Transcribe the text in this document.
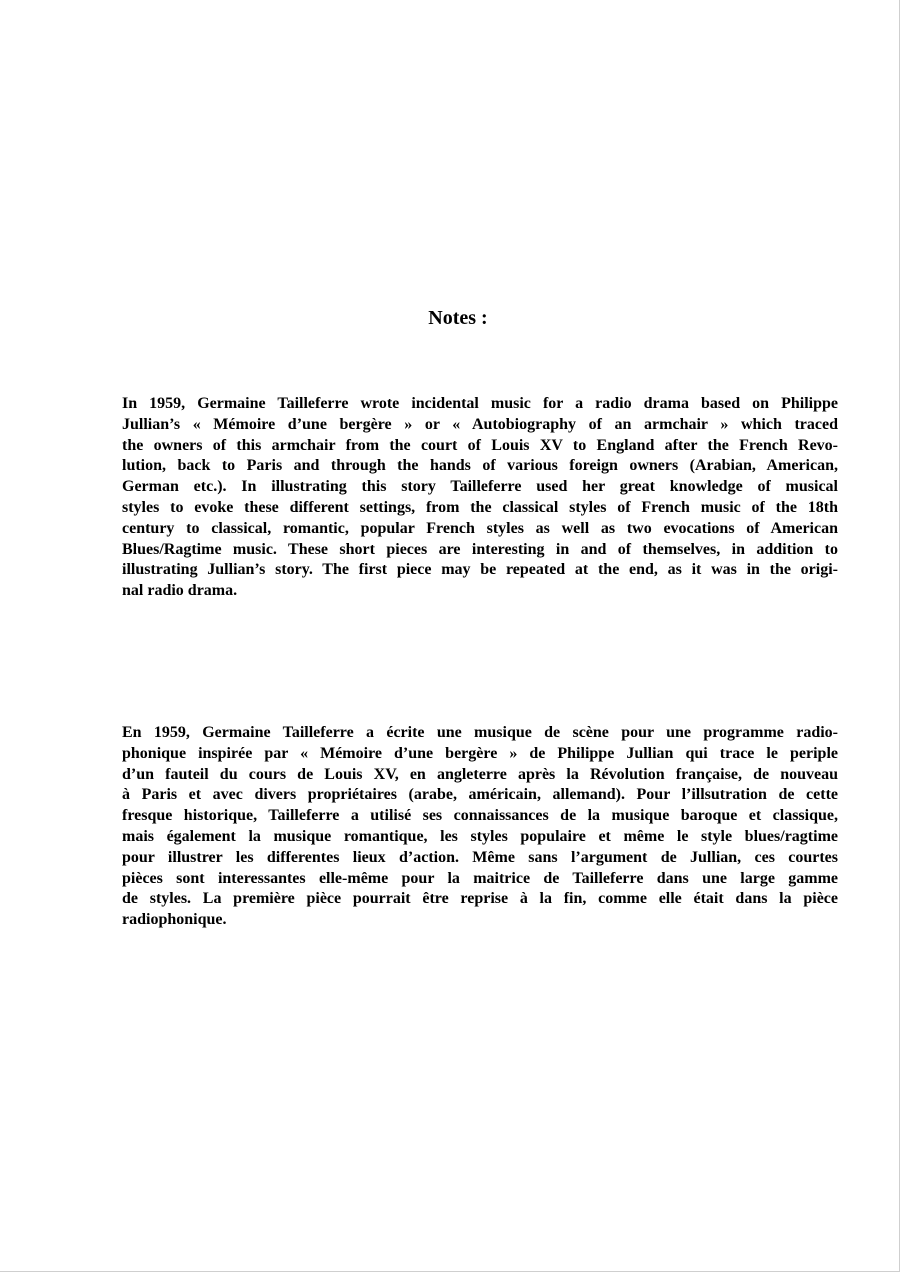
Notes :
In 1959, Germaine Tailleferre wrote incidental music for a radio drama based on Philippe
Jullian’s « Mémoire d’une bergère » or « Autobiography of an armchair » which traced
the owners of this armchair from the court of Louis XV to England after the French Revo-
lution, back to Paris and through the hands of various foreign owners (Arabian, American,
German etc.). In illustrating this story Tailleferre used her great knowledge of musical
styles to evoke these different settings, from the classical styles of French music of the 18th
century to classical, romantic, popular French styles as well as two evocations of American
Blues/Ragtime music. These short pieces are interesting in and of themselves, in addition to
illustrating Jullian’s story. The first piece may be repeated at the end, as it was in the origi-
nal radio drama.
En 1959, Germaine Tailleferre a écrite une musique de scène pour une programme radio-
phonique inspirée par « Mémoire d’une bergère » de Philippe Jullian qui trace le periple
d’un fauteil du cours de Louis XV, en angleterre après la Révolution française, de nouveau
à Paris et avec divers propriétaires (arabe, américain, allemand). Pour l’illsutration de cette
fresque historique, Tailleferre a utilisé ses connaissances de la musique baroque et classique,
mais également la musique romantique, les styles populaire et même le style blues/ragtime
pour illustrer les differentes lieux d’action. Même sans l’argument de Jullian, ces courtes
pièces sont interessantes elle-même pour la maitrice de Tailleferre dans une large gamme
de styles. La première pièce pourrait être reprise à la fin, comme elle était dans la pièce
radiophonique.
